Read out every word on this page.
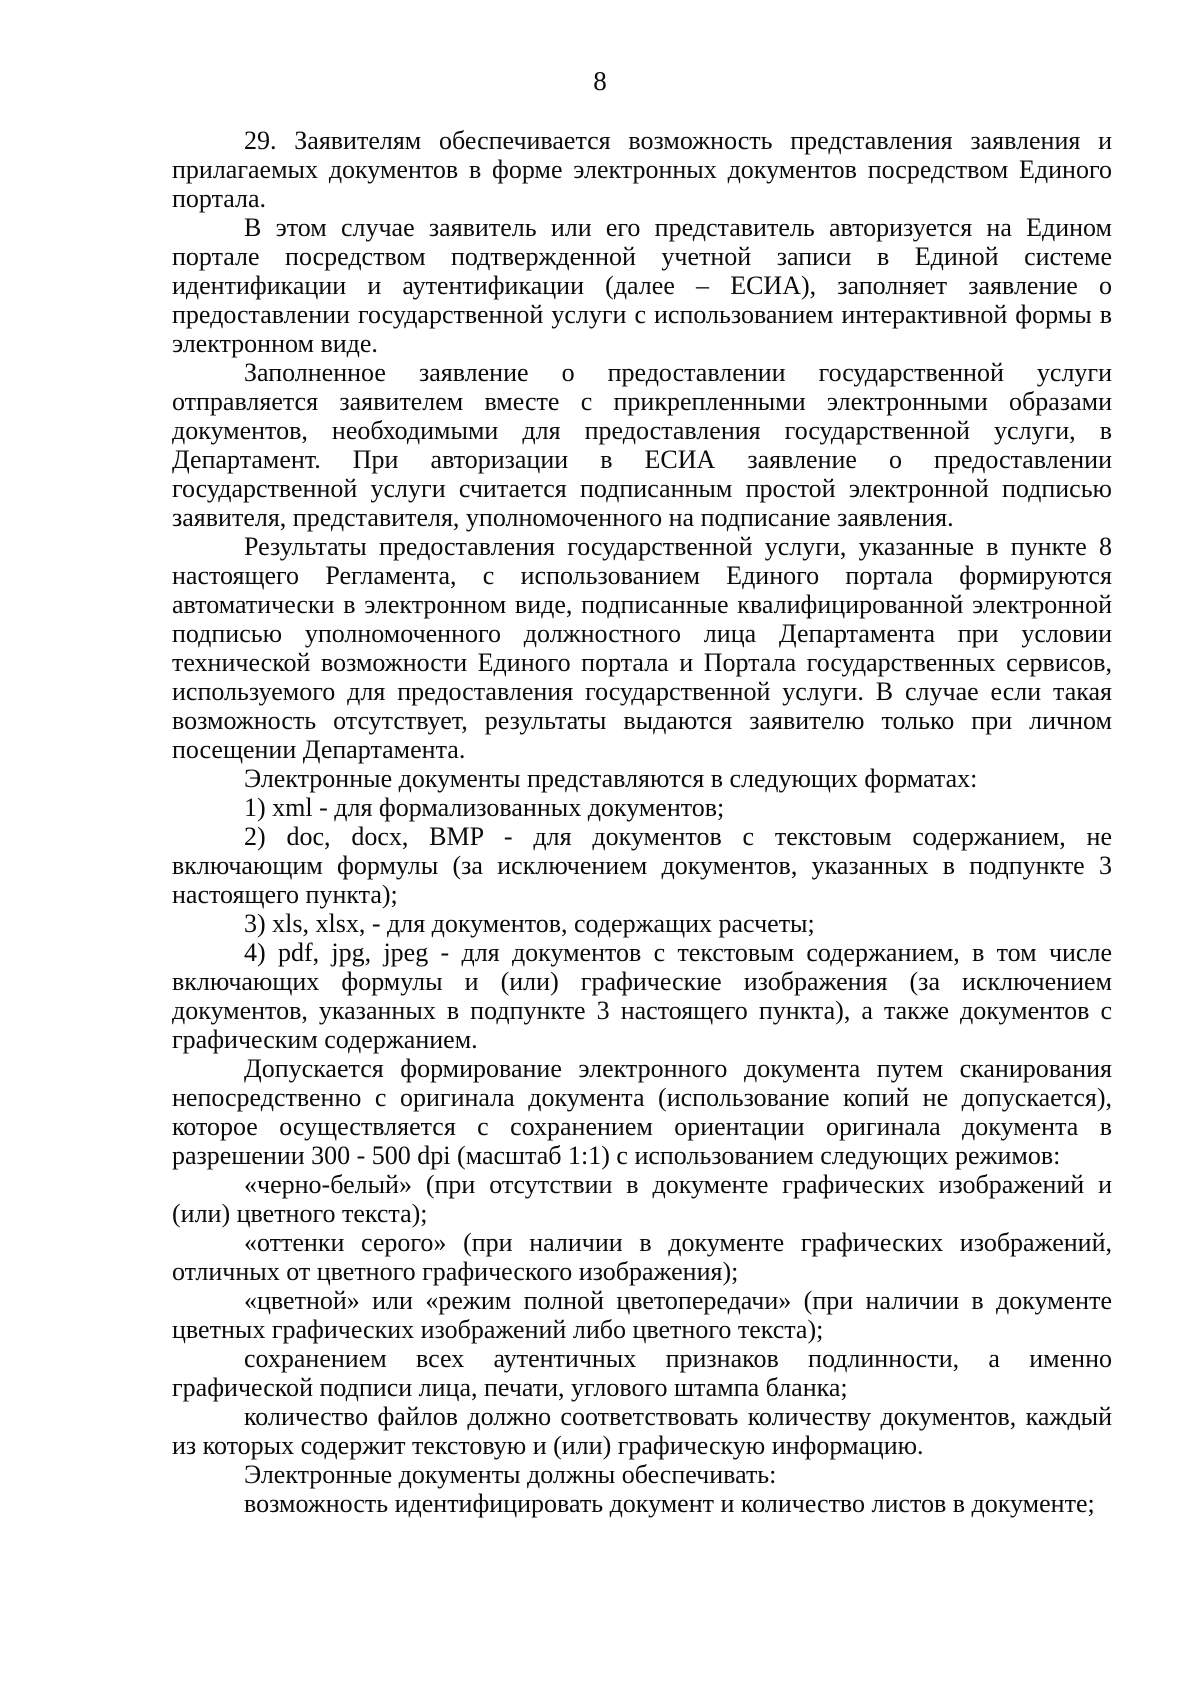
8

29. Заявителям обеспечивается возможность представления заявления и прилагаемых документов в форме электронных документов посредством Единого портала.

В этом случае заявитель или его представитель авторизуется на Едином портале посредством подтвержденной учетной записи в Единой системе идентификации и аутентификации (далее – ЕСИА), заполняет заявление о предоставлении государственной услуги с использованием интерактивной формы в электронном виде.

Заполненное заявление о предоставлении государственной услуги отправляется заявителем вместе с прикрепленными электронными образами документов, необходимыми для предоставления государственной услуги, в Департамент. При авторизации в ЕСИА заявление о предоставлении государственной услуги считается подписанным простой электронной подписью заявителя, представителя, уполномоченного на подписание заявления.

Результаты предоставления государственной услуги, указанные в пункте 8 настоящего Регламента, с использованием Единого портала формируются автоматически в электронном виде, подписанные квалифицированной электронной подписью уполномоченного должностного лица Департамента при условии технической возможности Единого портала и Портала государственных сервисов, используемого для предоставления государственной услуги. В случае если такая возможность отсутствует, результаты выдаются заявителю только при личном посещении Департамента.

Электронные документы представляются в следующих форматах:

1) xml - для формализованных документов;

2) doc, docx, BMP - для документов с текстовым содержанием, не включающим формулы (за исключением документов, указанных в подпункте 3 настоящего пункта);

3) xls, xlsx, - для документов, содержащих расчеты;

4) pdf, jpg, jpeg - для документов с текстовым содержанием, в том числе включающих формулы и (или) графические изображения (за исключением документов, указанных в подпункте 3 настоящего пункта), а также документов с графическим содержанием.

Допускается формирование электронного документа путем сканирования непосредственно с оригинала документа (использование копий не допускается), которое осуществляется с сохранением ориентации оригинала документа в разрешении 300 - 500 dpi (масштаб 1:1) с использованием следующих режимов:

«черно-белый» (при отсутствии в документе графических изображений и (или) цветного текста);

«оттенки серого» (при наличии в документе графических изображений, отличных от цветного графического изображения);

«цветной» или «режим полной цветопередачи» (при наличии в документе цветных графических изображений либо цветного текста);

сохранением всех аутентичных признаков подлинности, а именно графической подписи лица, печати, углового штампа бланка;

количество файлов должно соответствовать количеству документов, каждый из которых содержит текстовую и (или) графическую информацию.

Электронные документы должны обеспечивать:

возможность идентифицировать документ и количество листов в документе;
